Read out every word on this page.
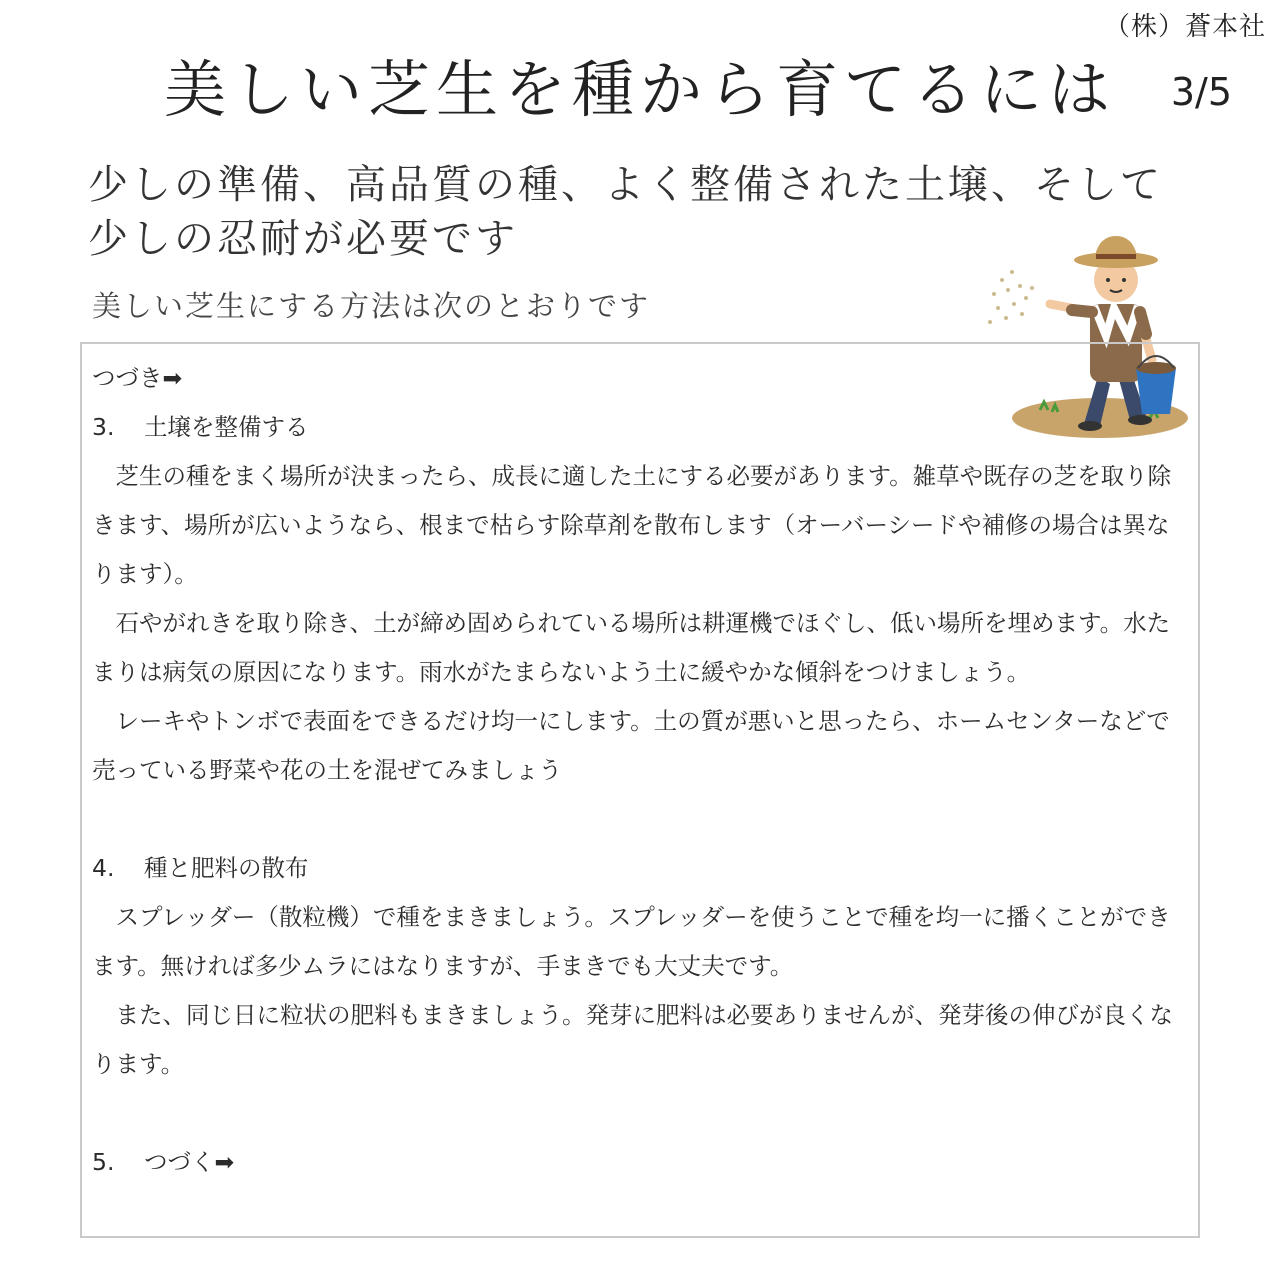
（株）蒼本社
美しい芝生を種から育てるには	3/5
少しの準備、高品質の種、よく整備された土壌、そして少しの忍耐が必要です
美しい芝生にする方法は次のとおりです

つづき➡

3. 土壌を整備する

芝生の種をまく場所が決まったら、成長に適した土にする必要があります。雑草や既存の芝を取り除きます、場所が広いようなら、根まで枯らす除草剤を散布します（オーバーシードや補修の場合は異なります）。

石やがれきを取り除き、土が締め固められている場所は耕運機でほぐし、低い場所を埋めます。水たまりは病気の原因になります。雨水がたまらないよう土に緩やかな傾斜をつけましょう。

レーキやトンボで表面をできるだけ均一にします。土の質が悪いと思ったら、ホームセンターなどで売っている野菜や花の土を混ぜてみましょう

4. 種と肥料の散布

スプレッダー（散粒機）で種をまきましょう。スプレッダーを使うことで種を均一に播くことができます。無ければ多少ムラにはなりますが、手まきでも大丈夫です。

また、同じ日に粒状の肥料もまきましょう。発芽に肥料は必要ありませんが、発芽後の伸びが良くなります。

5. つづく➡
